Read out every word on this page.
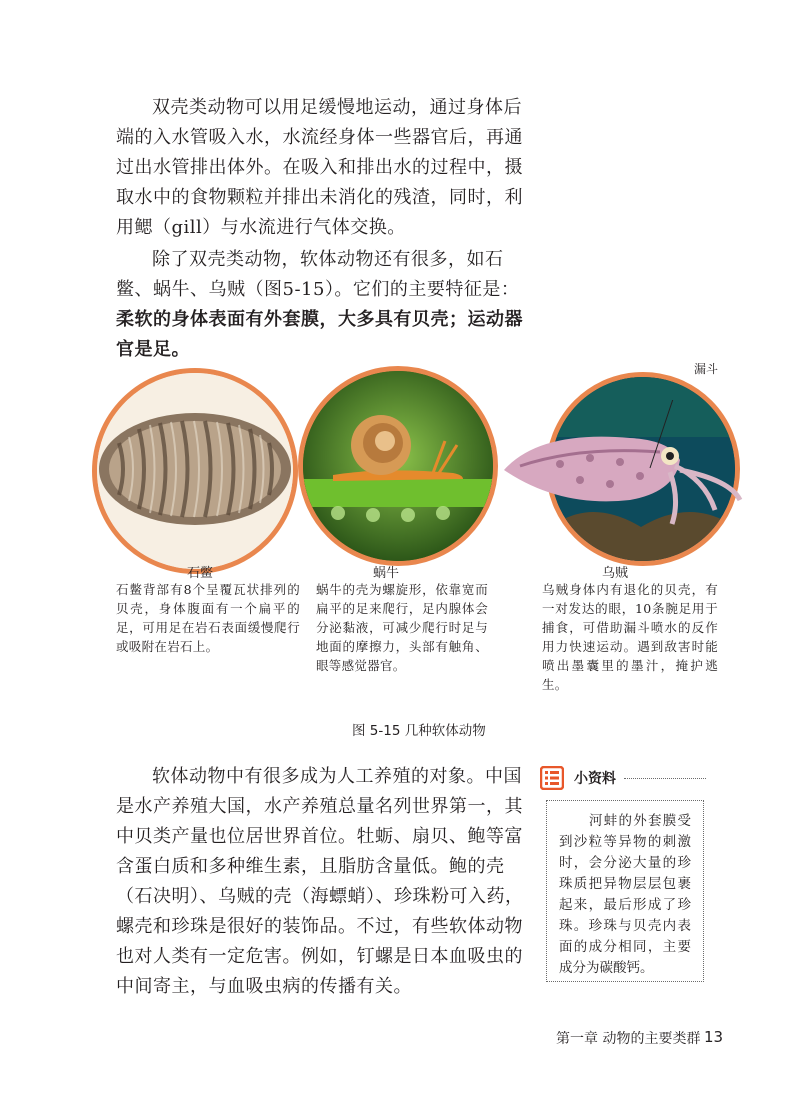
双壳类动物可以用足缓慢地运动，通过身体后端的入水管吸入水，水流经身体一些器官后，再通过出水管排出体外。在吸入和排出水的过程中，摄取水中的食物颗粒并排出未消化的残渣，同时，利用鳃（gill）与水流进行气体交换。

除了双壳类动物，软体动物还有很多，如石鳖、蜗牛、乌贼（图5-15）。它们的主要特征是：柔软的身体表面有外套膜，大多具有贝壳；运动器官是足。

漏斗
石鳖
石鳖背部有8个呈覆瓦状排列的贝壳，身体腹面有一个扁平的足，可用足在岩石表面缓慢爬行或吸附在岩石上。
蜗牛
蜗牛的壳为螺旋形，依靠宽而扁平的足来爬行，足内腺体会分泌黏液，可减少爬行时足与地面的摩擦力，头部有触角、眼等感觉器官。
乌贼
乌贼身体内有退化的贝壳，有一对发达的眼，10条腕足用于捕食，可借助漏斗喷水的反作用力快速运动。遇到敌害时能喷出墨囊里的墨汁，掩护逃生。
图 5-15 几种软体动物

软体动物中有很多成为人工养殖的对象。中国是水产养殖大国，水产养殖总量名列世界第一，其中贝类产量也位居世界首位。牡蛎、扇贝、鲍等富含蛋白质和多种维生素，且脂肪含量低。鲍的壳（石决明）、乌贼的壳（海螵蛸）、珍珠粉可入药，螺壳和珍珠是很好的装饰品。不过，有些软体动物也对人类有一定危害。例如，钉螺是日本血吸虫的中间寄主，与血吸虫病的传播有关。

小资料
河蚌的外套膜受到沙粒等异物的刺激时，会分泌大量的珍珠质把异物层层包裹起来，最后形成了珍珠。珍珠与贝壳内表面的成分相同，主要成分为碳酸钙。
第一章 动物的主要类群 13
